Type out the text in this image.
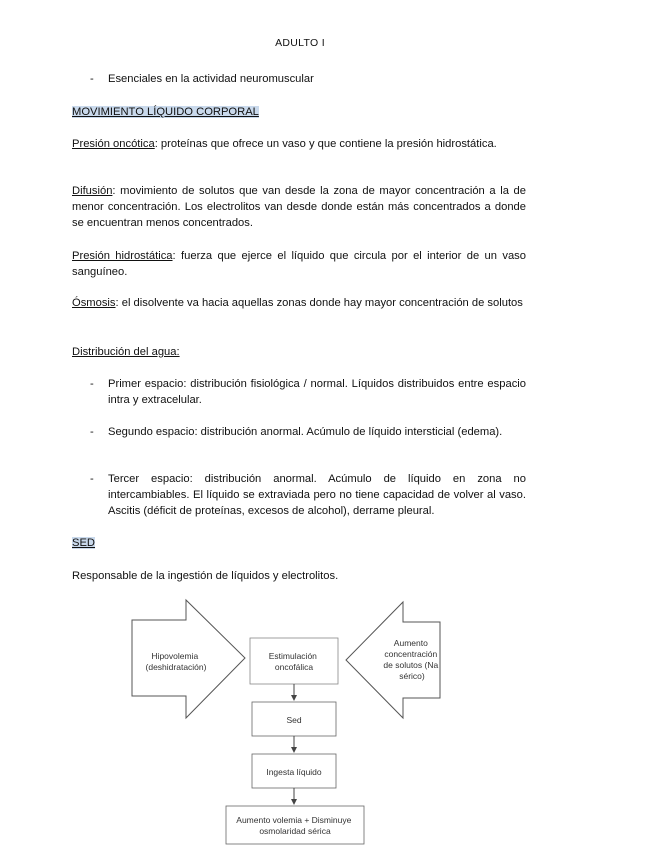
ADULTO I
- Esenciales en la actividad neuromuscular
MOVIMIENTO LÍQUIDO CORPORAL
Presión oncótica: proteínas que ofrece un vaso y que contiene la presión hidrostática.
Difusión: movimiento de solutos que van desde la zona de mayor concentración a la de menor concentración. Los electrolitos van desde donde están más concentrados a donde se encuentran menos concentrados.
Presión hidrostática: fuerza que ejerce el líquido que circula por el interior de un vaso sanguíneo.
Ósmosis: el disolvente va hacia aquellas zonas donde hay mayor concentración de solutos
Distribución del agua:
- Primer espacio: distribución fisiológica / normal. Líquidos distribuidos entre espacio intra y extracelular.
- Segundo espacio: distribución anormal. Acúmulo de líquido intersticial (edema).
- Tercer espacio: distribución anormal. Acúmulo de líquido en zona no intercambiables. El líquido se extraviada pero no tiene capacidad de volver al vaso. Ascitis (déficit de proteínas, excesos de alcohol), derrame pleural.
SED
Responsable de la ingestión de líquidos y electrolitos.
Hipovolemia (deshidratación)
Aumento concentración de solutos (Na sérico)
Estimulación oncofálica
Sed
Ingesta líquido
Aumento volemia + Disminuye osmolaridad sérica
